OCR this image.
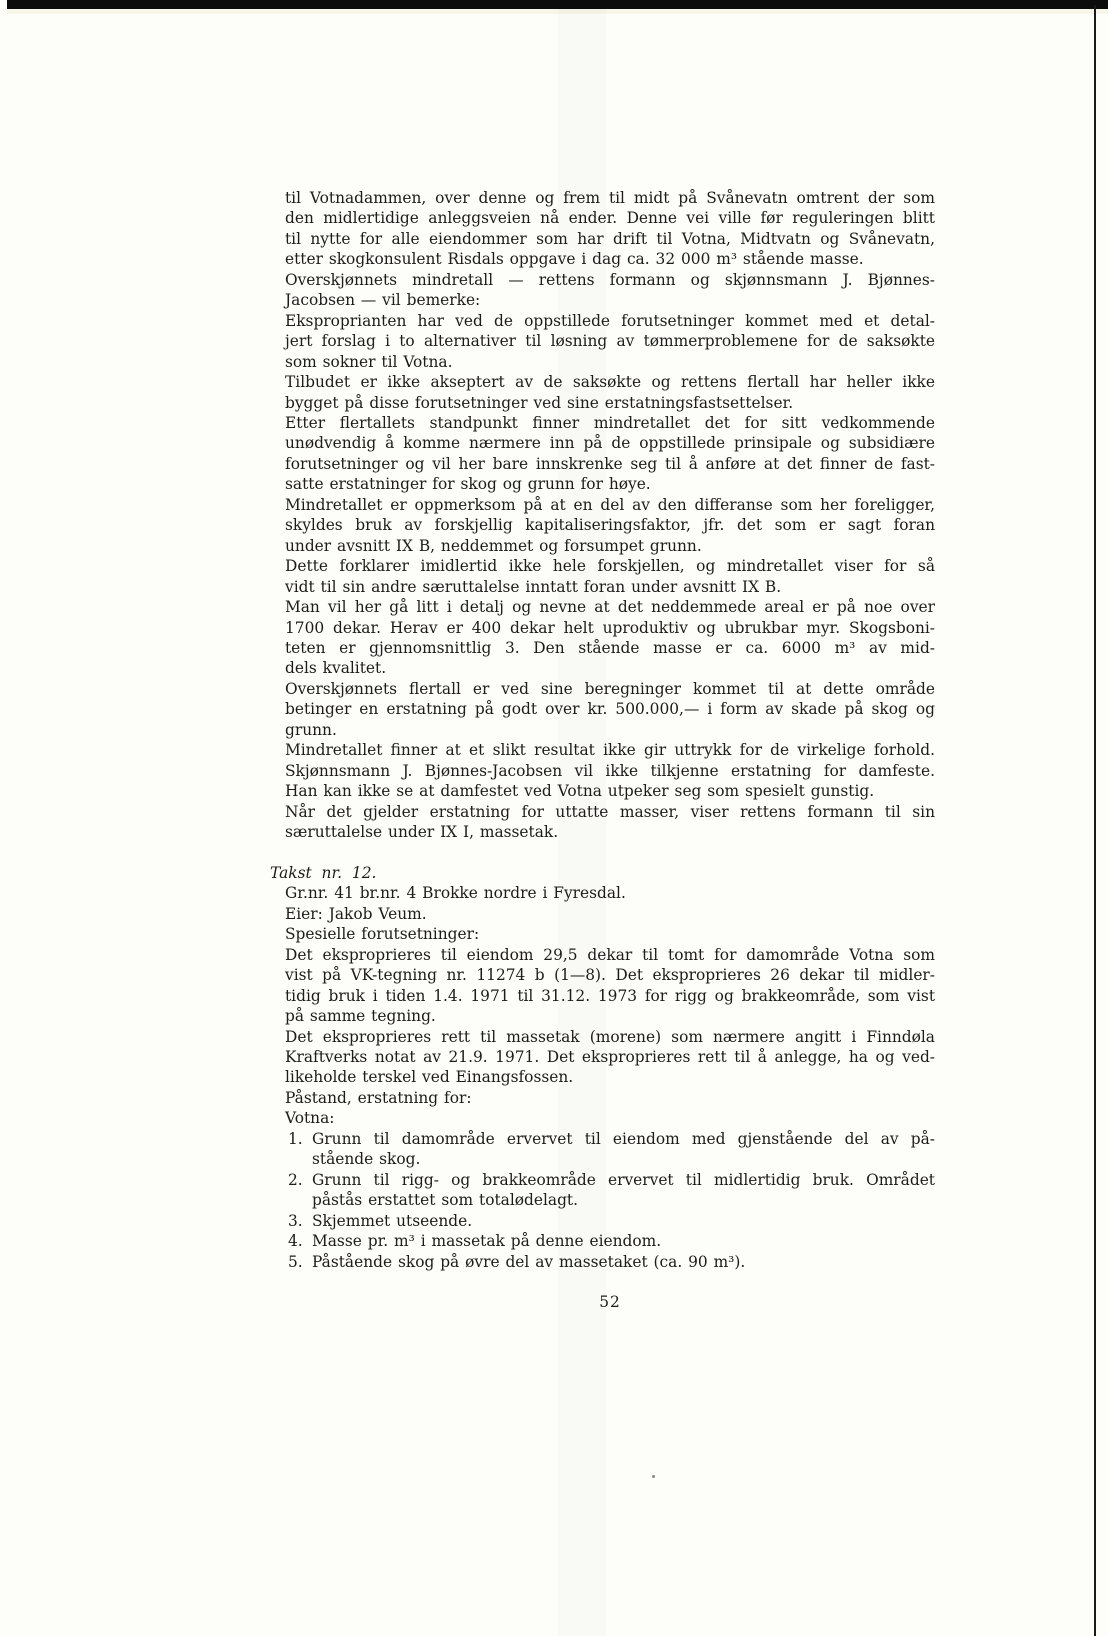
til Votnadammen, over denne og frem til midt på Svånevatn omtrent der som
den midlertidige anleggsveien nå ender. Denne vei ville før reguleringen blitt
til nytte for alle eiendommer som har drift til Votna, Midtvatn og Svånevatn,
etter skogkonsulent Risdals oppgave i dag ca. 32 000 m³ stående masse.
Overskjønnets mindretall — rettens formann og skjønnsmann J. Bjønnes-
Jacobsen — vil bemerke:
Eksproprianten har ved de oppstillede forutsetninger kommet med et detal-
jert forslag i to alternativer til løsning av tømmerproblemene for de saksøkte
som sokner til Votna.
Tilbudet er ikke akseptert av de saksøkte og rettens flertall har heller ikke
bygget på disse forutsetninger ved sine erstatningsfastsettelser.
Etter flertallets standpunkt finner mindretallet det for sitt vedkommende
unødvendig å komme nærmere inn på de oppstillede prinsipale og subsidiære
forutsetninger og vil her bare innskrenke seg til å anføre at det finner de fast-
satte erstatninger for skog og grunn for høye.
Mindretallet er oppmerksom på at en del av den differanse som her foreligger,
skyldes bruk av forskjellig kapitaliseringsfaktor, jfr. det som er sagt foran
under avsnitt IX B, neddemmet og forsumpet grunn.
Dette forklarer imidlertid ikke hele forskjellen, og mindretallet viser for så
vidt til sin andre særuttalelse inntatt foran under avsnitt IX B.
Man vil her gå litt i detalj og nevne at det neddemmede areal er på noe over
1700 dekar. Herav er 400 dekar helt uproduktiv og ubrukbar myr. Skogsboni-
teten er gjennomsnittlig 3. Den stående masse er ca. 6000 m³ av mid-
dels kvalitet.
Overskjønnets flertall er ved sine beregninger kommet til at dette område
betinger en erstatning på godt over kr. 500.000,— i form av skade på skog og
grunn.
Mindretallet finner at et slikt resultat ikke gir uttrykk for de virkelige forhold.
Skjønnsmann J. Bjønnes-Jacobsen vil ikke tilkjenne erstatning for damfeste.
Han kan ikke se at damfestet ved Votna utpeker seg som spesielt gunstig.
Når det gjelder erstatning for uttatte masser, viser rettens formann til sin
særuttalelse under IX I, massetak.
Takst nr. 12.
Gr.nr. 41 br.nr. 4 Brokke nordre i Fyresdal.
Eier: Jakob Veum.
Spesielle forutsetninger:
Det eksproprieres til eiendom 29,5 dekar til tomt for damområde Votna som
vist på VK-tegning nr. 11274 b (1—8). Det eksproprieres 26 dekar til midler-
tidig bruk i tiden 1.4. 1971 til 31.12. 1973 for rigg og brakkeområde, som vist
på samme tegning.
Det eksproprieres rett til massetak (morene) som nærmere angitt i Finndøla
Kraftverks notat av 21.9. 1971. Det eksproprieres rett til å anlegge, ha og ved-
likeholde terskel ved Einangsfossen.
Påstand, erstatning for:
Votna:
1. Grunn til damområde ervervet til eiendom med gjenstående del av på-
stående skog.
2. Grunn til rigg- og brakkeområde ervervet til midlertidig bruk. Området
påstås erstattet som totalødelagt.
3. Skjemmet utseende.
4. Masse pr. m³ i massetak på denne eiendom.
5. Påstående skog på øvre del av massetaket (ca. 90 m³).
52
